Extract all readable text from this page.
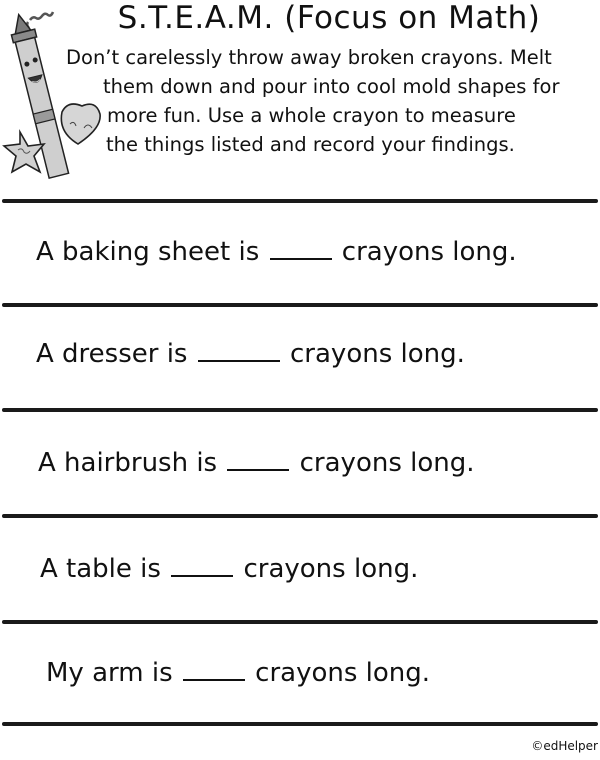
S.T.E.A.M. (Focus on Math)
Don’t carelessly throw away broken crayons. Melt
them down and pour into cool mold shapes for
more fun. Use a whole crayon to measure
the things listed and record your findings.
A baking sheet is	crayons long.
A dresser is	crayons long.
A hairbrush is	crayons long.
A table is	crayons long.
My arm is	crayons long.
©edHelper
